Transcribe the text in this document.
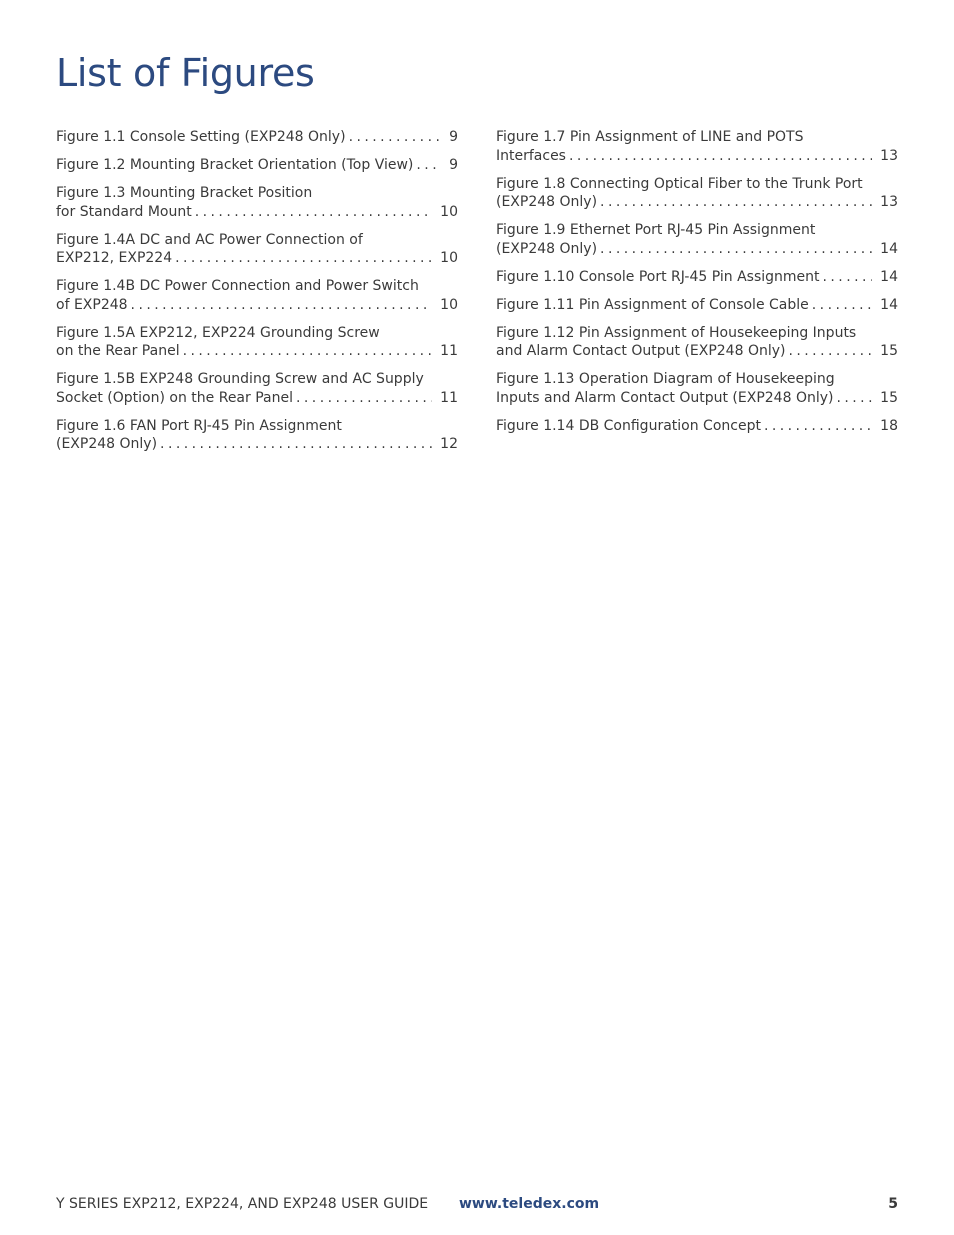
List of Figures
Figure 1.1 Console Setting (EXP248 Only) . . .	9
Figure 1.2 Mounting Bracket Orientation (Top View) . . .	9
Figure 1.3 Mounting Bracket Position
for Standard Mount . . .	10
Figure 1.4A DC and AC Power Connection of
EXP212, EXP224 . . .	10
Figure 1.4B DC Power Connection and Power Switch
of EXP248 . . .	10
Figure 1.5A EXP212, EXP224 Grounding Screw
on the Rear Panel . . .	11
Figure 1.5B EXP248 Grounding Screw and AC Supply
Socket (Option) on the Rear Panel . . .	11
Figure 1.6 FAN Port RJ-45 Pin Assignment
(EXP248 Only) . . .	12
Figure 1.7 Pin Assignment of LINE and POTS
Interfaces . . .	13
Figure 1.8 Connecting Optical Fiber to the Trunk Port
(EXP248 Only) . . .	13
Figure 1.9 Ethernet Port RJ-45 Pin Assignment
(EXP248 Only) . . .	14
Figure 1.10 Console Port RJ-45 Pin Assignment . . .	14
Figure 1.11 Pin Assignment of Console Cable . . .	14
Figure 1.12 Pin Assignment of Housekeeping Inputs
and Alarm Contact Output (EXP248 Only) . . .	15
Figure 1.13 Operation Diagram of Housekeeping
Inputs and Alarm Contact Output (EXP248 Only) . . .	15
Figure 1.14 DB Configuration Concept . . .	18
Y SERIES EXP212, EXP224, AND EXP248 USER GUIDE www.teledex.com	5
